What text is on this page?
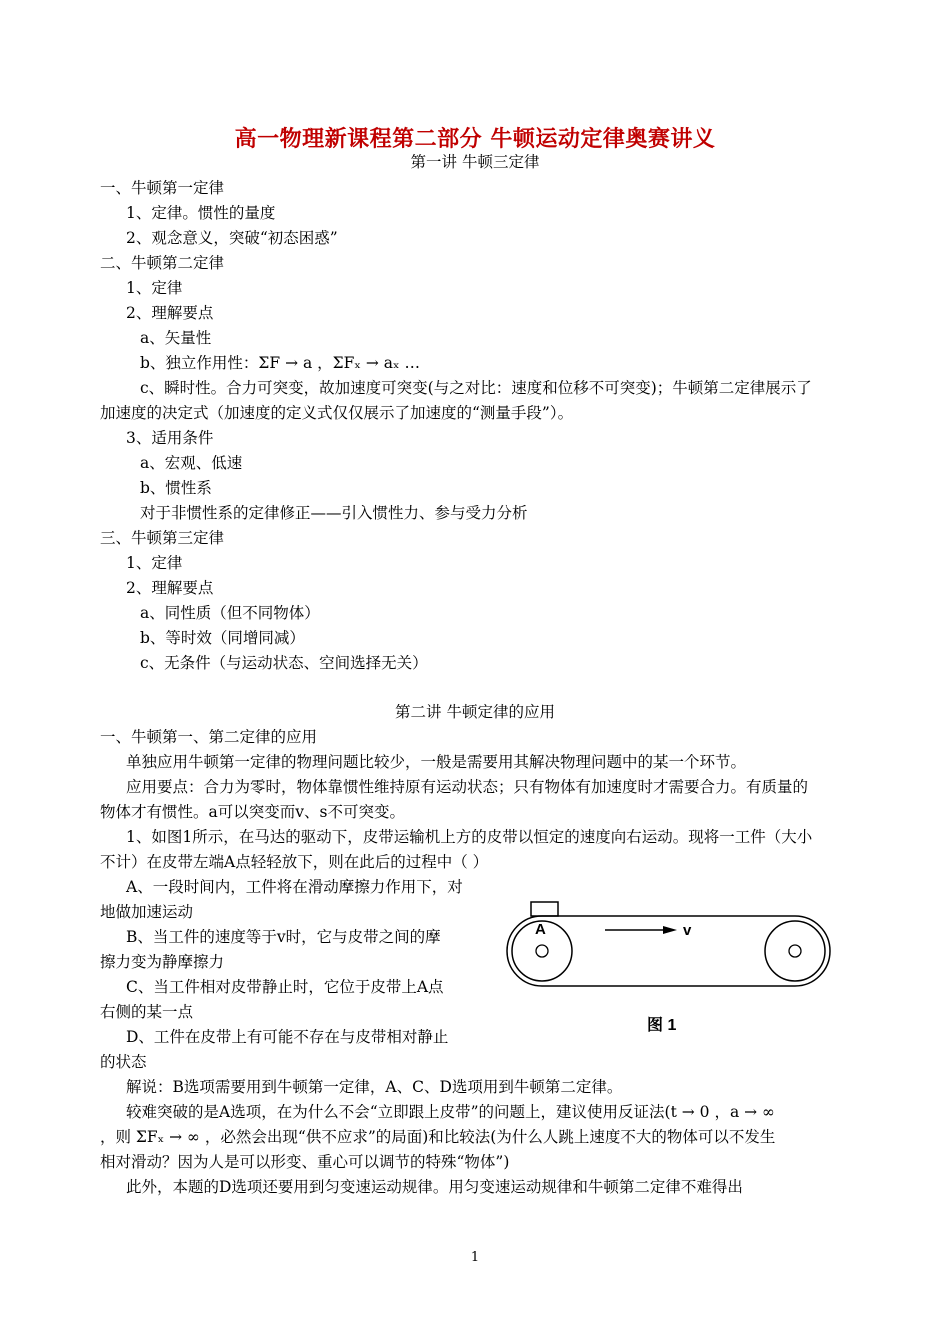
高一物理新课程第二部分 牛顿运动定律奥赛讲义
第一讲 牛顿三定律
一、牛顿第一定律
1、定律。惯性的量度
2、观念意义，突破“初态困惑”
二、牛顿第二定律
1、定律
2、理解要点
a、矢量性
b、独立作用性：ΣF → a ，ΣFₓ → aₓ …
c、瞬时性。合力可突变，故加速度可突变(与之对比：速度和位移不可突变)；牛顿第二定律展示了
加速度的决定式（加速度的定义式仅仅展示了加速度的“测量手段”）。
3、适用条件
a、宏观、低速
b、惯性系
对于非惯性系的定律修正——引入惯性力、参与受力分析
三、牛顿第三定律
1、定律
2、理解要点
a、同性质（但不同物体）
b、等时效（同增同减）
c、无条件（与运动状态、空间选择无关）
第二讲 牛顿定律的应用
一、牛顿第一、第二定律的应用
单独应用牛顿第一定律的物理问题比较少，一般是需要用其解决物理问题中的某一个环节。
应用要点：合力为零时，物体靠惯性维持原有运动状态；只有物体有加速度时才需要合力。有质量的
物体才有惯性。a可以突变而v、s不可突变。
1、如图1所示，在马达的驱动下，皮带运输机上方的皮带以恒定的速度向右运动。现将一工件（大小
不计）在皮带左端A点轻轻放下，则在此后的过程中（ ）
A、一段时间内，工件将在滑动摩擦力作用下，对
地做加速运动
B、当工件的速度等于v时，它与皮带之间的摩
擦力变为静摩擦力
C、当工件相对皮带静止时，它位于皮带上A点
右侧的某一点
D、工件在皮带上有可能不存在与皮带相对静止
的状态
A	v
图 1
解说：B选项需要用到牛顿第一定律，A、C、D选项用到牛顿第二定律。
较难突破的是A选项，在为什么不会“立即跟上皮带”的问题上，建议使用反证法(t → 0 ，a → ∞
，则 ΣFₓ → ∞ ，必然会出现“供不应求”的局面)和比较法(为什么人跳上速度不大的物体可以不发生
相对滑动？因为人是可以形变、重心可以调节的特殊“物体”)
此外，本题的D选项还要用到匀变速运动规律。用匀变速运动规律和牛顿第二定律不难得出
1
